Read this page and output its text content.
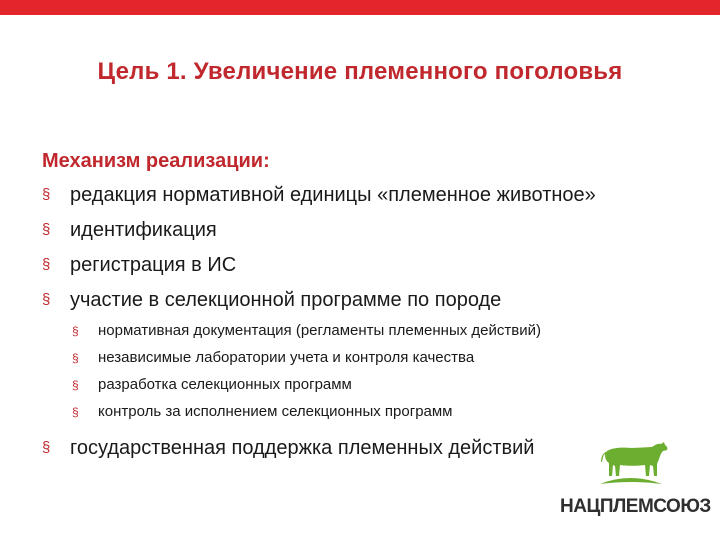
Цель 1. Увеличение племенного поголовья
Механизм реализации:
§ редакция нормативной единицы «племенное животное»
§ идентификация
§ регистрация в ИС
§ участие в селекционной программе по породе
§ нормативная документация (регламенты племенных действий)
§ независимые лаборатории учета и контроля качества
§ разработка селекционных программ
§ контроль за исполнением селекционных программ
§ государственная поддержка племенных действий
НАЦПЛЕМСОЮЗ
